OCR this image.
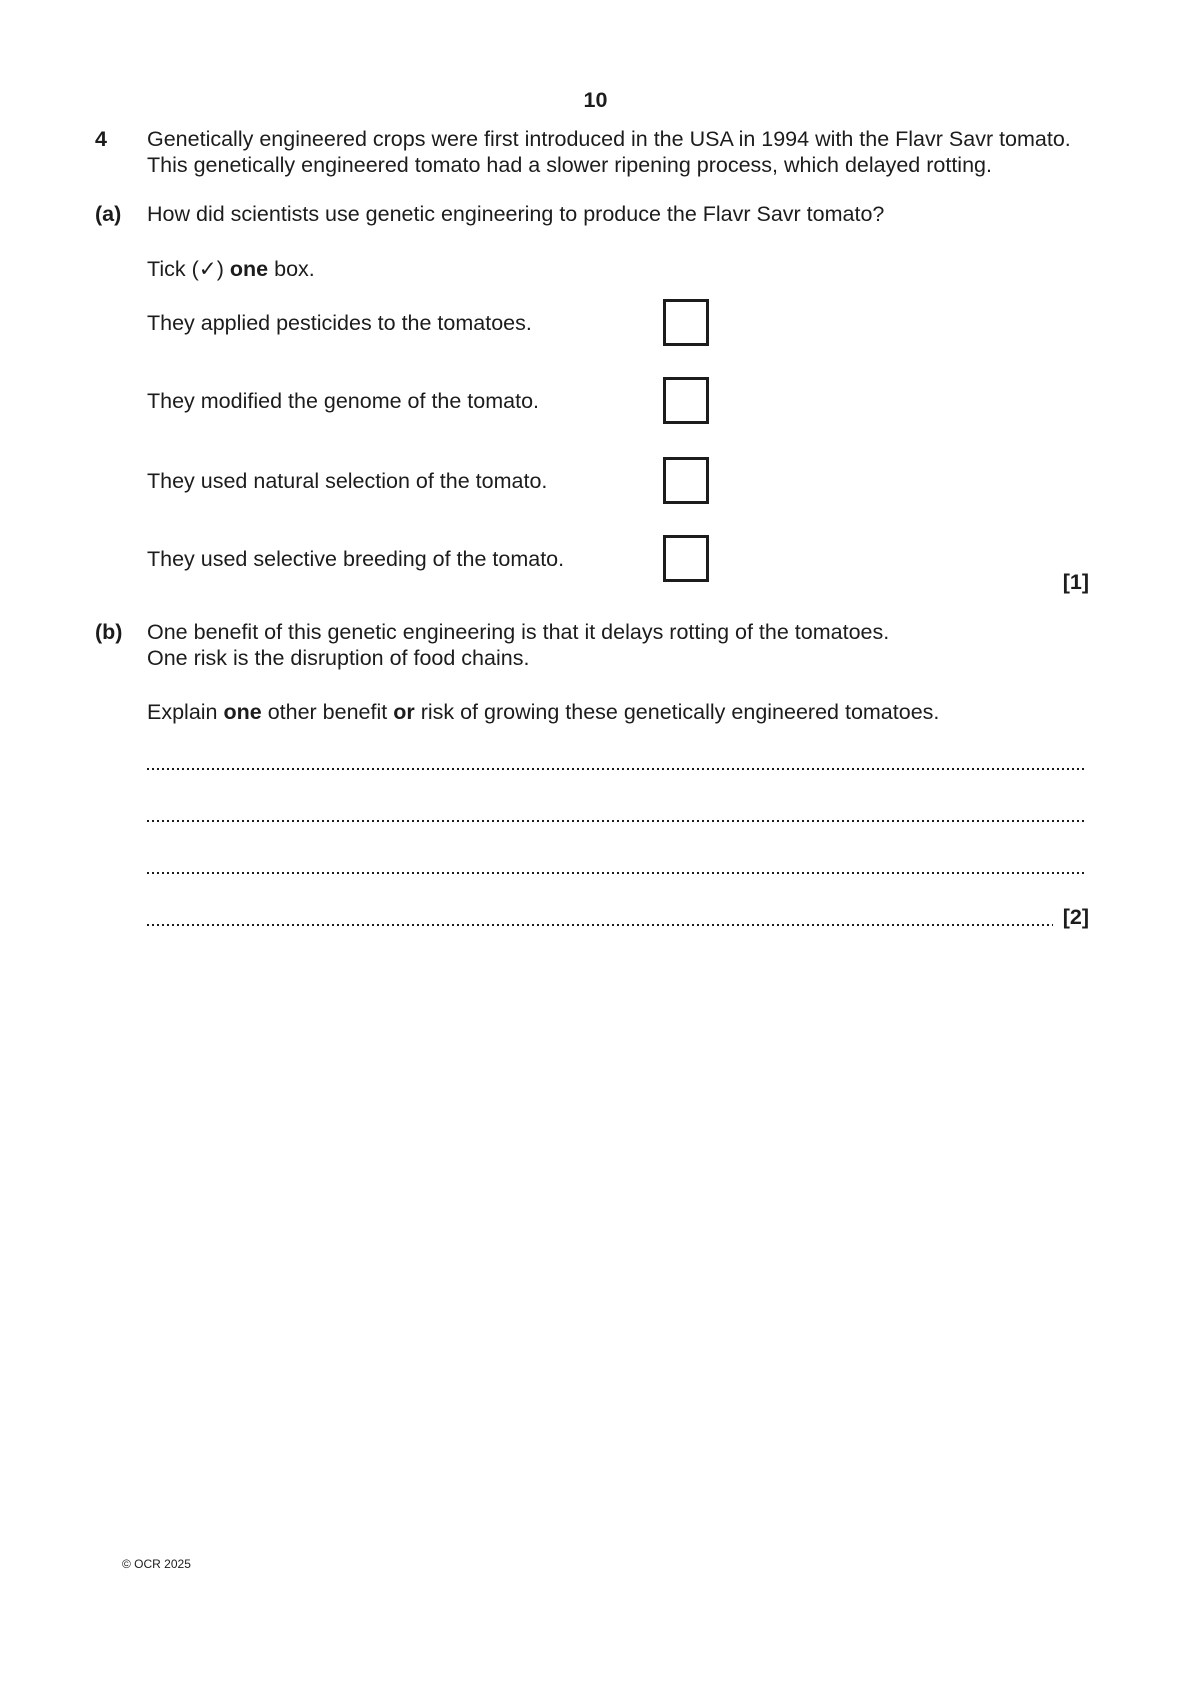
10
4 Genetically engineered crops were first introduced in the USA in 1994 with the Flavr Savr tomato.
This genetically engineered tomato had a slower ripening process, which delayed rotting.
(a) How did scientists use genetic engineering to produce the Flavr Savr tomato?
Tick (✓) one box.
They applied pesticides to the tomatoes.
They modified the genome of the tomato.
They used natural selection of the tomato.
They used selective breeding of the tomato.
[1]
(b) One benefit of this genetic engineering is that it delays rotting of the tomatoes.
One risk is the disruption of food chains.
Explain one other benefit or risk of growing these genetically engineered tomatoes.
[2]
© OCR 2025
